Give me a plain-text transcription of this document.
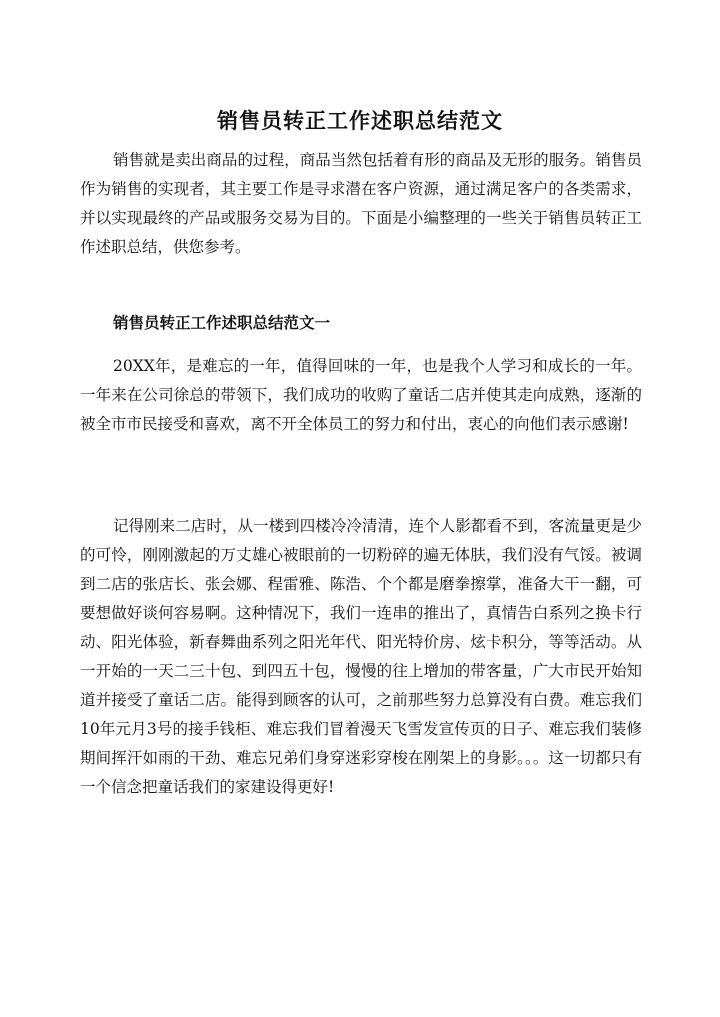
销售员转正工作述职总结范文

销售就是卖出商品的过程，商品当然包括着有形的商品及无形的服务。销售员作为销售的实现者，其主要工作是寻求潜在客户资源，通过满足客户的各类需求，并以实现最终的产品或服务交易为目的。下面是小编整理的一些关于销售员转正工作述职总结，供您参考。

销售员转正工作述职总结范文一

20XX年，是难忘的一年，值得回味的一年，也是我个人学习和成长的一年。一年来在公司徐总的带领下，我们成功的收购了童话二店并使其走向成熟，逐渐的被全市市民接受和喜欢，离不开全体员工的努力和付出，衷心的向他们表示感谢!

记得刚来二店时，从一楼到四楼冷冷清清，连个人影都看不到，客流量更是少的可怜，刚刚激起的万丈雄心被眼前的一切粉碎的遍无体肤，我们没有气馁。被调到二店的张店长、张会娜、程雷雅、陈浩、个个都是磨拳擦掌，准备大干一翻，可要想做好谈何容易啊。这种情况下，我们一连串的推出了，真情告白系列之换卡行动、阳光体验，新春舞曲系列之阳光年代、阳光特价房、炫卡积分，等等活动。从一开始的一天二三十包、到四五十包，慢慢的往上增加的带客量，广大市民开始知道并接受了童话二店。能得到顾客的认可，之前那些努力总算没有白费。难忘我们10年元月3号的接手钱柜、难忘我们冒着漫天飞雪发宣传页的日子、难忘我们装修期间挥汗如雨的干劲、难忘兄弟们身穿迷彩穿梭在刚架上的身影。。。这一切都只有一个信念把童话我们的家建设得更好!
